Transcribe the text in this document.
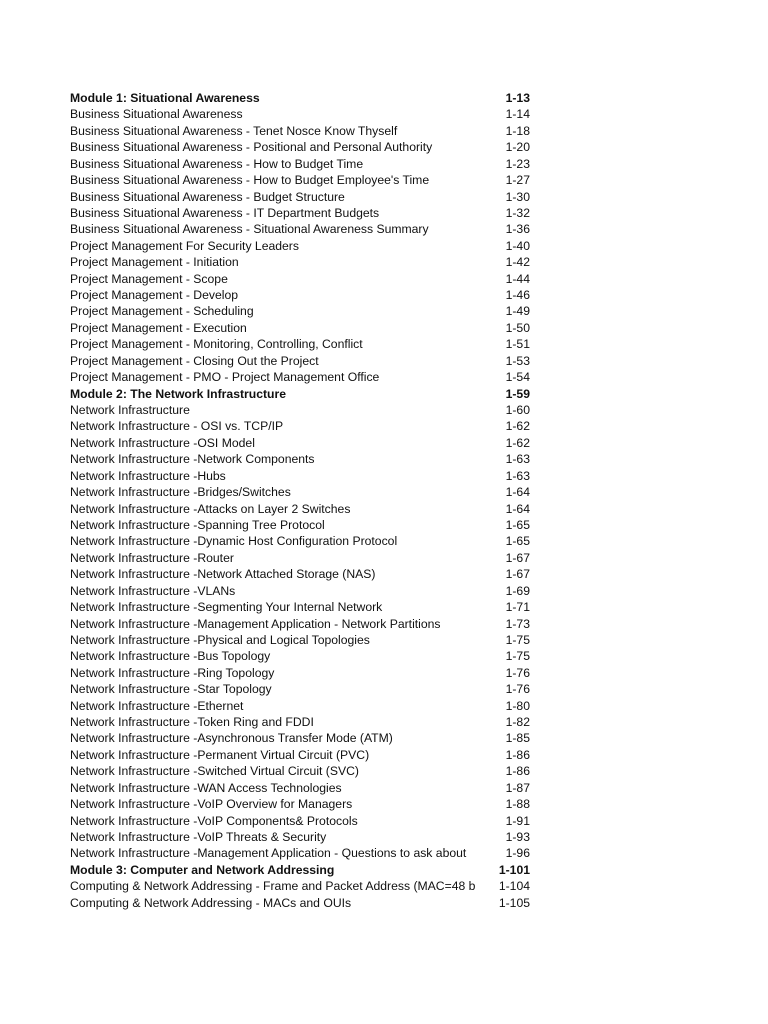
Module 1: Situational Awareness	1-13
Business Situational Awareness	1-14
Business Situational Awareness - Tenet Nosce Know Thyself	1-18
Business Situational Awareness - Positional and Personal Authority	1-20
Business Situational Awareness - How to Budget Time	1-23
Business Situational Awareness - How to Budget Employee's Time	1-27
Business Situational Awareness - Budget Structure	1-30
Business Situational Awareness - IT Department Budgets	1-32
Business Situational Awareness - Situational Awareness Summary	1-36
Project Management For Security Leaders	1-40
Project Management - Initiation	1-42
Project Management - Scope	1-44
Project Management - Develop	1-46
Project Management - Scheduling	1-49
Project Management - Execution	1-50
Project Management - Monitoring, Controlling, Conflict	1-51
Project Management - Closing Out the Project	1-53
Project Management - PMO - Project Management Office	1-54
Module 2: The Network Infrastructure	1-59
Network Infrastructure	1-60
Network Infrastructure - OSI vs. TCP/IP	1-62
Network Infrastructure -OSI Model	1-62
Network Infrastructure -Network Components	1-63
Network Infrastructure -Hubs	1-63
Network Infrastructure -Bridges/Switches	1-64
Network Infrastructure -Attacks on Layer 2 Switches	1-64
Network Infrastructure -Spanning Tree Protocol	1-65
Network Infrastructure -Dynamic Host Configuration Protocol	1-65
Network Infrastructure -Router	1-67
Network Infrastructure -Network Attached Storage (NAS)	1-67
Network Infrastructure -VLANs	1-69
Network Infrastructure -Segmenting Your Internal Network	1-71
Network Infrastructure -Management Application - Network Partitions	1-73
Network Infrastructure -Physical and Logical Topologies	1-75
Network Infrastructure -Bus Topology	1-75
Network Infrastructure -Ring Topology	1-76
Network Infrastructure -Star Topology	1-76
Network Infrastructure -Ethernet	1-80
Network Infrastructure -Token Ring and FDDI	1-82
Network Infrastructure -Asynchronous Transfer Mode (ATM)	1-85
Network Infrastructure -Permanent Virtual Circuit (PVC)	1-86
Network Infrastructure -Switched Virtual Circuit (SVC)	1-86
Network Infrastructure -WAN Access Technologies	1-87
Network Infrastructure -VoIP Overview for Managers	1-88
Network Infrastructure -VoIP Components& Protocols	1-91
Network Infrastructure -VoIP Threats & Security	1-93
Network Infrastructure -Management Application - Questions to ask about	1-96
Module 3: Computer and Network Addressing	1-101
Computing & Network Addressing - Frame and Packet Address (MAC=48 b	1-104
Computing & Network Addressing - MACs and OUIs	1-105
